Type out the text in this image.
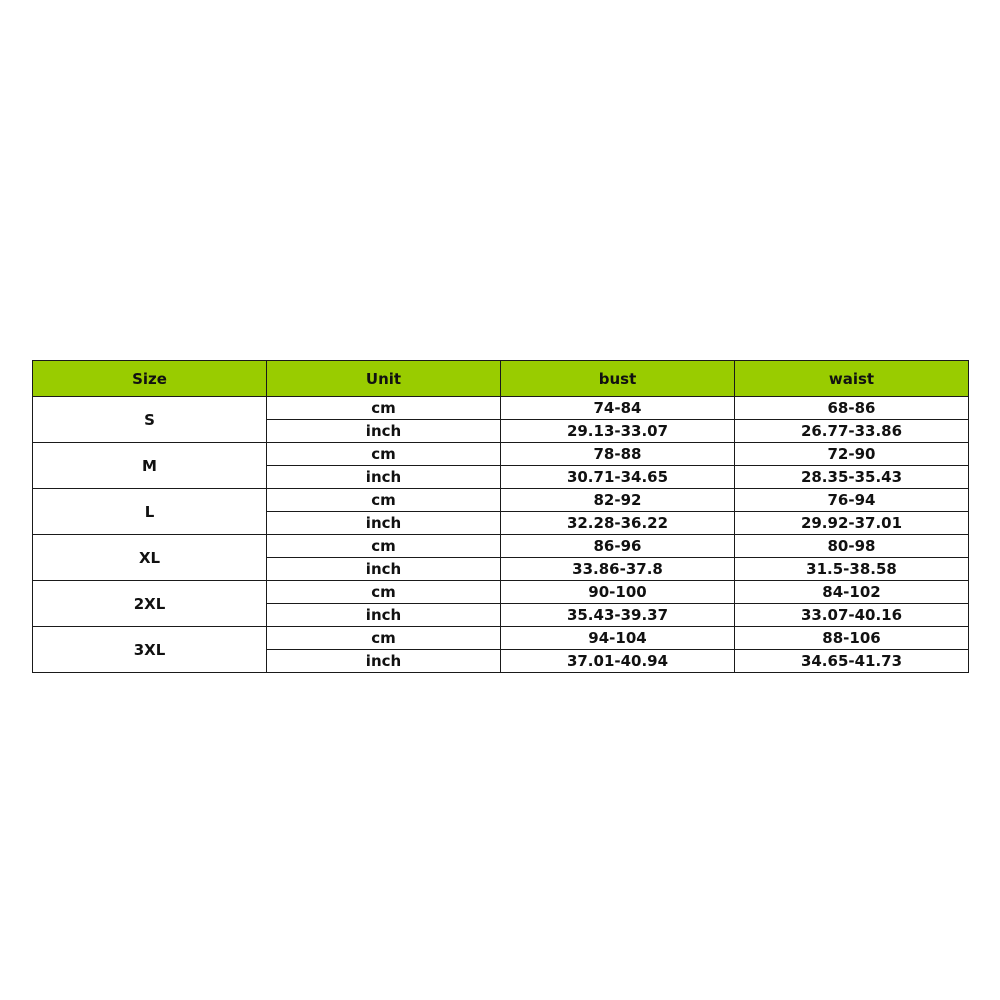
Size	Unit	bust	waist
S	cm	74-84	68-86
	inch	29.13-33.07	26.77-33.86
M	cm	78-88	72-90
	inch	30.71-34.65	28.35-35.43
L	cm	82-92	76-94
	inch	32.28-36.22	29.92-37.01
XL	cm	86-96	80-98
	inch	33.86-37.8	31.5-38.58
2XL	cm	90-100	84-102
	inch	35.43-39.37	33.07-40.16
3XL	cm	94-104	88-106
	inch	37.01-40.94	34.65-41.73
